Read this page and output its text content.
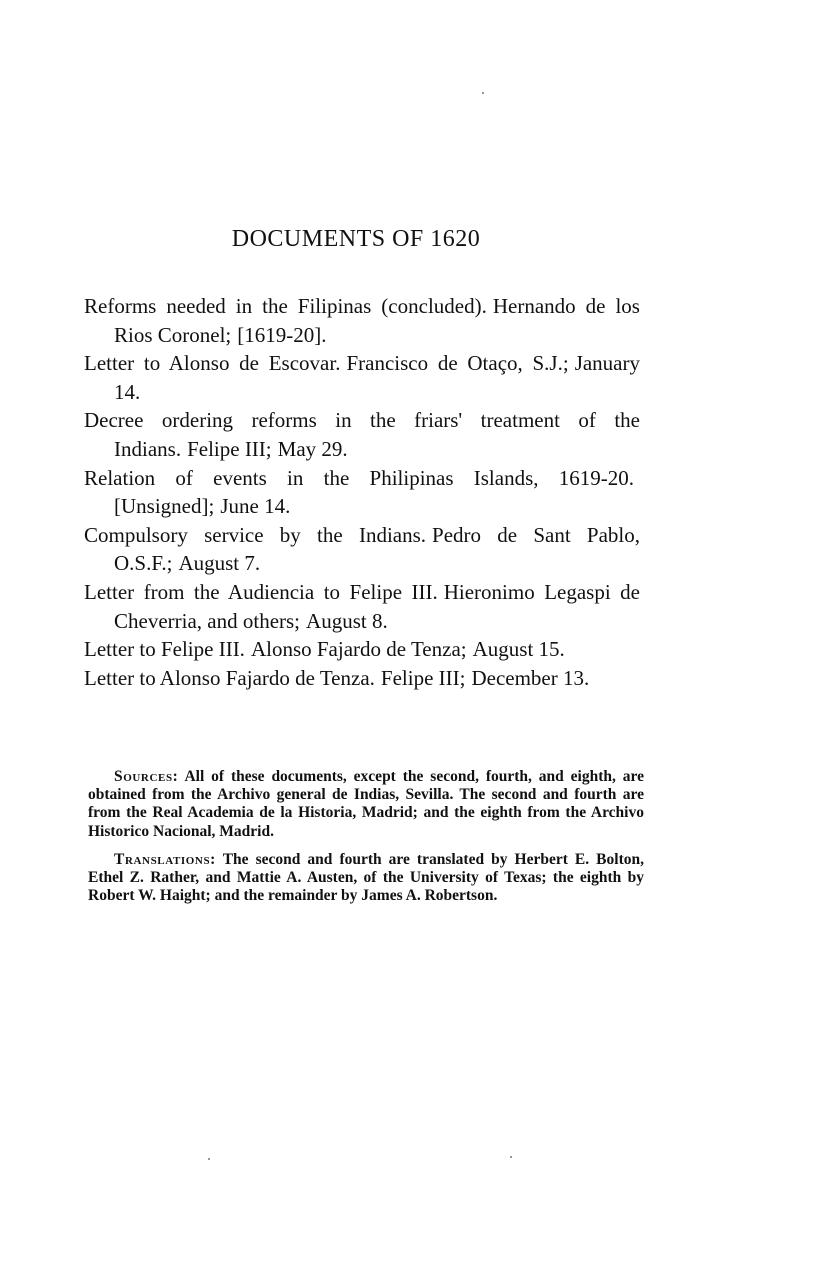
DOCUMENTS OF 1620
Reforms needed in the Filipinas (concluded). Hernando de los Rios Coronel; [1619-20].
Letter to Alonso de Escovar. Francisco de Otaço, S.J.; January 14.
Decree ordering reforms in the friars' treatment of the Indians. Felipe III; May 29.
Relation of events in the Philipinas Islands, 1619-20.[Unsigned]; June 14.
Compulsory service by the Indians. Pedro de Sant Pablo, O.S.F.; August 7.
Letter from the Audiencia to Felipe III. Hieronimo Legaspi de Cheverria, and others; August 8.
Letter to Felipe III. Alonso Fajardo de Tenza; August 15.
Letter to Alonso Fajardo de Tenza. Felipe III; December 13.

Sources: All of these documents, except the second, fourth, and eighth, are obtained from the Archivo general de Indias, Sevilla. The second and fourth are from the Real Academia de la Historia, Madrid; and the eighth from the Archivo Historico Nacional, Madrid.

Translations: The second and fourth are translated by Herbert E. Bolton, Ethel Z. Rather, and Mattie A. Austen, of the University of Texas; the eighth by Robert W. Haight; and the remainder by James A. Robertson.
